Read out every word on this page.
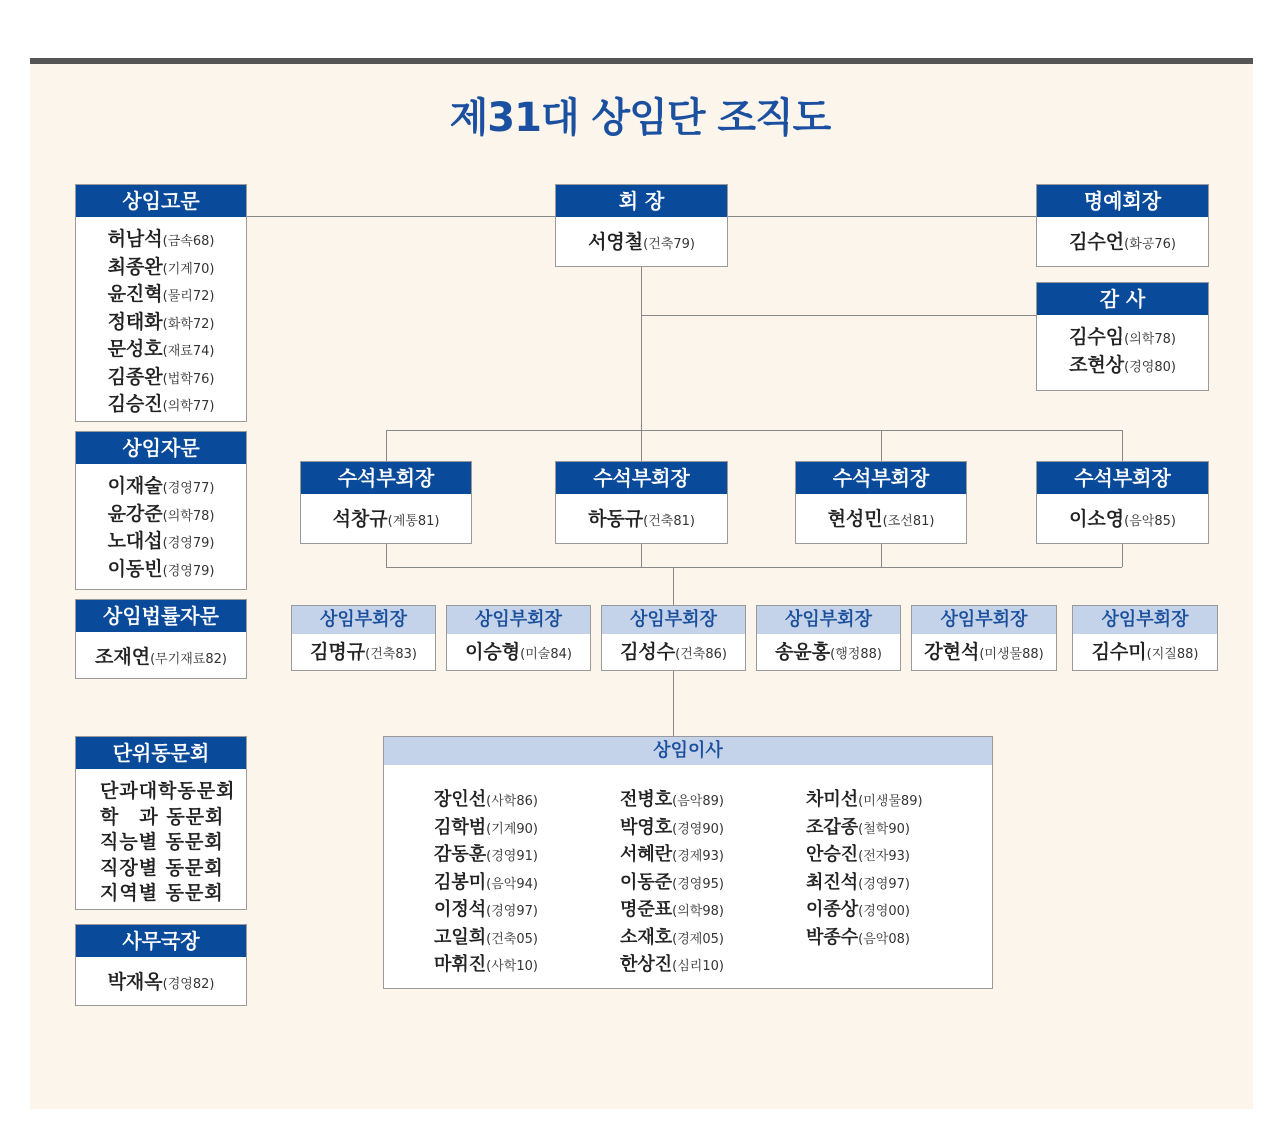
제31대 상임단 조직도
상임고문
허남석(금속68)
최종완(기계70)
윤진혁(물리72)
정태화(화학72)
문성호(재료74)
김종완(법학76)
김승진(의학77)
상임자문
이재술(경영77)
윤강준(의학78)
노대섭(경영79)
이동빈(경영79)
상임법률자문
조재연(무기재료82)
단위동문회
단과대학동문회
학　과 동문회
직능별 동문회
직장별 동문회
지역별 동문회
사무국장
박재옥(경영82)
회 장
서영철(건축79)
명예회장
김수언(화공76)
감 사
김수임(의학78)
조현상(경영80)
수석부회장
석창규(계통81)
수석부회장
하동규(건축81)
수석부회장
현성민(조선81)
수석부회장
이소영(음악85)
상임부회장
김명규(건축83)
상임부회장
이승형(미술84)
상임부회장
김성수(건축86)
상임부회장
송윤홍(행정88)
상임부회장
강현석(미생물88)
상임부회장
김수미(지질88)
상임이사
장인선(사학86)
김학범(기계90)
감동훈(경영91)
김봉미(음악94)
이정석(경영97)
고일희(건축05)
마휘진(사학10)
전병호(음악89)
박영호(경영90)
서혜란(경제93)
이동준(경영95)
명준표(의학98)
소재호(경제05)
한상진(심리10)
차미선(미생물89)
조갑종(철학90)
안승진(전자93)
최진석(경영97)
이종상(경영00)
박종수(음악08)
